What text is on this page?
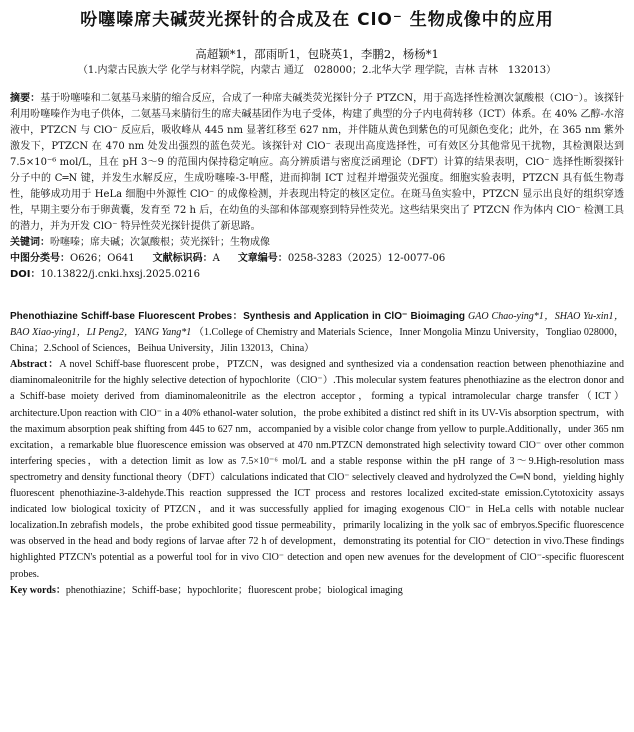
吩噻嗪席夫碱荧光探针的合成及在 ClO⁻ 生物成像中的应用
高超颖*1，邵雨昕1，包晓英1，李鹏2，杨杨*1
（1.内蒙古民族大学 化学与材料学院，内蒙古 通辽　028000；2.北华大学 理学院，吉林 吉林　132013）
摘要：基于吩噻嗪和二氨基马来腈的缩合反应，合成了一种席夫碱类荧光探针分子 PTZCN，用于高选择性检测次氯酸根（ClO⁻）。该探针利用吩噻嗪作为电子供体，二氨基马来腈衍生的席夫碱基团作为电子受体，构建了典型的分子内电荷转移（ICT）体系。在 40% 乙醇-水溶液中，PTZCN 与 ClO⁻ 反应后，吸收峰从 445 nm 显著红移至 627 nm，并伴随从黄色到紫色的可见颜色变化；此外，在 365 nm 紫外激发下，PTZCN 在 470 nm 处发出强烈的蓝色荧光。该探针对 ClO⁻ 表现出高度选择性，可有效区分其他常见干扰物，其检测限达到 7.5×10⁻⁶ mol/L，且在 pH 3～9 的范围内保持稳定响应。高分辨质谱与密度泛函理论（DFT）计算的结果表明，ClO⁻ 选择性断裂探针分子中的 C═N 键，并发生水解反应，生成吩噻嗪-3-甲醛，进而抑制 ICT 过程并增强荧光强度。细胞实验表明，PTZCN 具有低生物毒性，能够成功用于 HeLa 细胞中外源性 ClO⁻ 的成像检测，并表现出特定的核区定位。在斑马鱼实验中，PTZCN 显示出良好的组织穿透性，早期主要分布于卵黄囊，发育至 72 h 后，在幼鱼的头部和体部观察到特异性荧光。这些结果突出了 PTZCN 作为体内 ClO⁻ 检测工具的潜力，并为开发 ClO⁻ 特异性荧光探针提供了新思路。
关键词：吩噻嗪；席夫碱；次氯酸根；荧光探针；生物成像
中图分类号：O626；O641 文献标识码：A 文章编号：0258-3283（2025）12-0077-06
DOI：10.13822/j.cnki.hxsj.2025.0216
Phenothiazine Schiff-base Fluorescent Probes：Synthesis and Application in ClO⁻ Bioimaging GAO Chao-ying*1，SHAO Yu-xin1，BAO Xiao-ying1，LI Peng2，YANG Yang*1 （1.College of Chemistry and Materials Science，Inner Mongolia Minzu University，Tongliao 028000，China；2.School of Sciences，Beihua University，Jilin 132013，China）
Abstract：A novel Schiff-base fluorescent probe，PTZCN，was designed and synthesized via a condensation reaction between phenothiazine and diaminomaleonitrile for the highly selective detection of hypochlorite（ClO⁻）.This molecular system features phenothiazine as the electron donor and a Schiff-base moiety derived from diaminomaleonitrile as the electron acceptor，forming a typical intramolecular charge transfer（ICT）architecture.Upon reaction with ClO⁻ in a 40% ethanol-water solution，the probe exhibited a distinct red shift in its UV-Vis absorption spectrum，with the maximum absorption peak shifting from 445 to 627 nm，accompanied by a visible color change from yellow to purple.Additionally，under 365 nm excitation，a remarkable blue fluorescence emission was observed at 470 nm.PTZCN demonstrated high selectivity toward ClO⁻ over other common interfering species，with a detection limit as low as 7.5×10⁻⁶ mol/L and a stable response within the pH range of 3～9.High-resolution mass spectrometry and density functional theory（DFT）calculations indicated that ClO⁻ selectively cleaved and hydrolyzed the C═N bond，yielding highly fluorescent phenothiazine-3-aldehyde.This reaction suppressed the ICT process and restores localized excited-state emission.Cytotoxicity assays indicated low biological toxicity of PTZCN，and it was successfully applied for imaging exogenous ClO⁻ in HeLa cells with notable nuclear localization.In zebrafish models，the probe exhibited good tissue permeability，primarily localizing in the yolk sac of embryos.Specific fluorescence was observed in the head and body regions of larvae after 72 h of development，demonstrating its potential for ClO⁻ detection in vivo.These findings highlighted PTZCN's potential as a powerful tool for in vivo ClO⁻ detection and open new avenues for the development of ClO⁻-specific fluorescent probes.
Key words：phenothiazine；Schiff-base；hypochlorite；fluorescent probe；biological imaging
